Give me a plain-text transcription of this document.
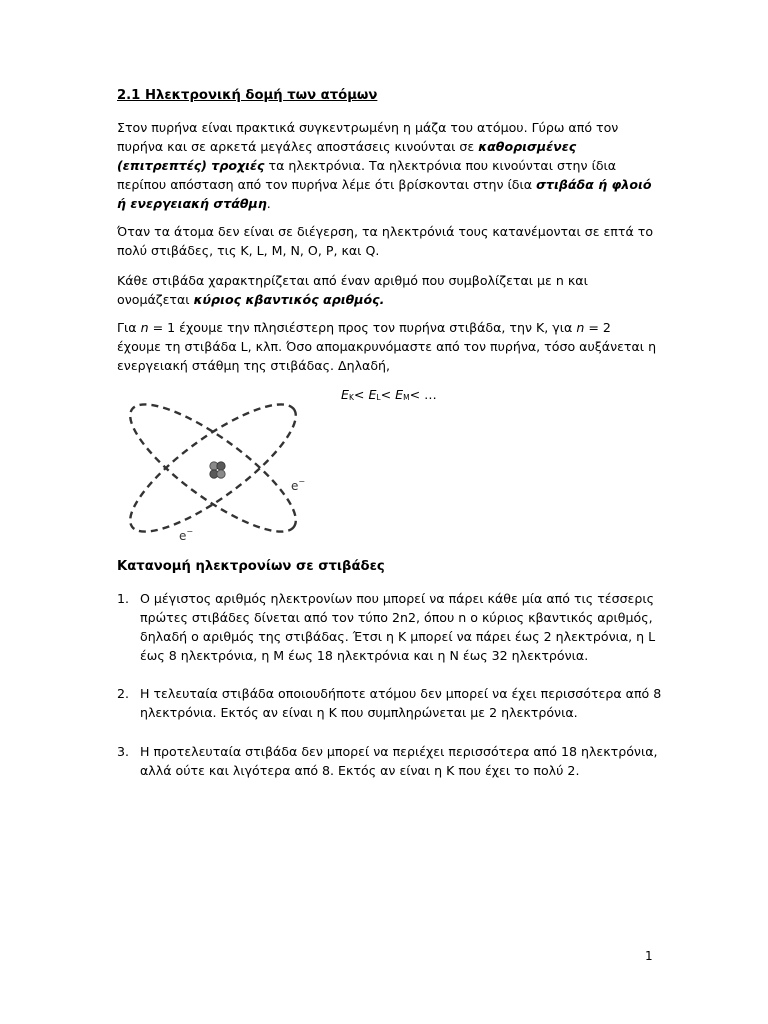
2.1 Ηλεκτρονική δομή των ατόμων

Στον πυρήνα είναι πρακτικά συγκεντρωμένη η μάζα του ατόμου. Γύρω από τον πυρήνα και σε αρκετά μεγάλες αποστάσεις κινούνται σε καθορισμένες (επιτρεπτές) τροχιές τα ηλεκτρόνια. Τα ηλεκτρόνια που κινούνται στην ίδια περίπου απόσταση από τον πυρήνα λέμε ότι βρίσκονται στην ίδια στιβάδα ή φλοιό ή ενεργειακή στάθμη.

Όταν τα άτομα δεν είναι σε διέγερση, τα ηλεκτρόνιά τους κατανέμονται σε επτά το πολύ στιβάδες, τις K, L, M, N, O, P, και Q.

Κάθε στιβάδα χαρακτηρίζεται από έναν αριθμό που συμβολίζεται με n και ονομάζεται κύριος κβαντικός αριθμός.

Για n = 1 έχουμε την πλησιέστερη προς τον πυρήνα στιβάδα, την K, για n = 2 έχουμε τη στιβάδα L, κλπ. Όσο απομακρυνόμαστε από τον πυρήνα, τόσο αυξάνεται η ενεργειακή στάθμη της στιβάδας. Δηλαδή,

$E_K< E_L< E_M<$ …
e−
e−
Κατανομή ηλεκτρονίων σε στιβάδες
1. Ο μέγιστος αριθμός ηλεκτρονίων που μπορεί να πάρει κάθε μία από τις τέσσερις πρώτες στιβάδες δίνεται από τον τύπο 2n2, όπου n ο κύριος κβαντικός αριθμός, δηλαδή ο αριθμός της στιβάδας. Έτσι η K μπορεί να πάρει έως 2 ηλεκτρόνια, η L έως 8 ηλεκτρόνια, η M έως 18 ηλεκτρόνια και η N έως 32 ηλεκτρόνια.
2. Η τελευταία στιβάδα οποιουδήποτε ατόμου δεν μπορεί να έχει περισσότερα από 8 ηλεκτρόνια. Εκτός αν είναι η K που συμπληρώνεται με 2 ηλεκτρόνια.
3. Η προτελευταία στιβάδα δεν μπορεί να περιέχει περισσότερα από 18 ηλεκτρόνια, αλλά ούτε και λιγότερα από 8. Εκτός αν είναι η K που έχει το πολύ 2.
1
